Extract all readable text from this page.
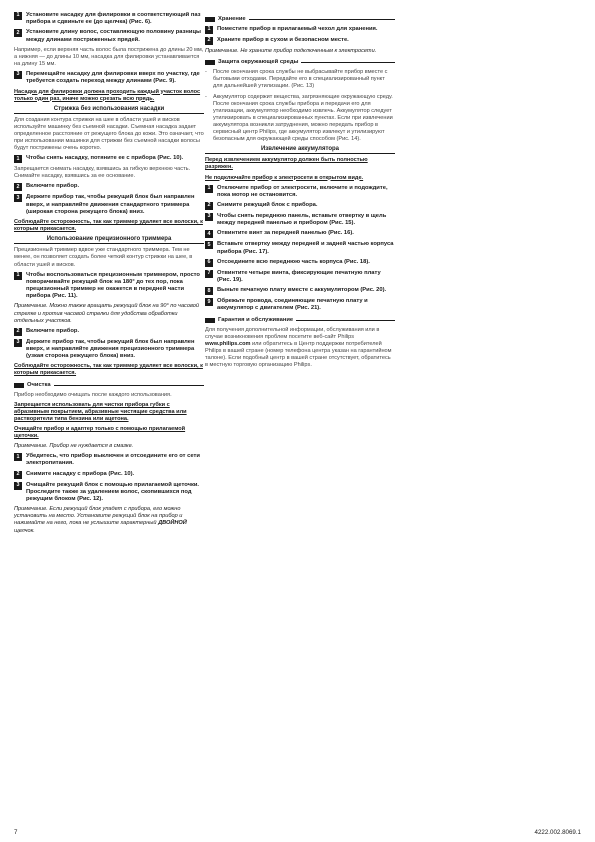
1	Установите насадку для филировки в соответствующий паз прибора и сдвиньте ее (до щелчка) (Рис. 6).
2	Установите длину волос, составляющую половину разницы между длинами постриженных прядей.

Например, если верхняя часть волос была пострижена до длины 20 мм, а нижняя — до длины 10 мм, насадка для филировки устанавливается на длину 15 мм.

3	Перемещайте насадку для филировки вверх по участку, где требуется создать переход между длинами (Рис. 9).

Насадка для филировки должна проходить каждый участок волос только один раз, иначе можно срезать всю прядь.

Стрижка без использования насадки

Для создания контура стрижки на шее в области ушей и висков используйте машинку без съемной насадки. Съемная насадка задает определенное расстояние от режущего блока до кожи. Это означает, что при использовании машинки для стрижки без съемной насадки волосы будут пострижены очень коротко.

1	Чтобы снять насадку, потяните ее с прибора (Рис. 10).

Запрещается снимать насадку, взявшись за гибкую верхнюю часть. Снимайте насадку, взявшись за ее основание.

2	Включите прибор.
3	Держите прибор так, чтобы режущий блок был направлен вверх, и направляйте движения стандартного триммера (широкая сторона режущего блока) вниз.

Соблюдайте осторожность, так как триммер удаляет все волоски, к которым прикасается.

Использование прецизионного триммера

Прецизионный триммер вдвое уже стандартного триммера. Тем не менее, он позволяет создать более четкий контур стрижки на шее, в области ушей и висков.

1	Чтобы воспользоваться прецизионным триммером, просто поворачивайте режущий блок на 180° до тех пор, пока прецизионный триммер не окажется в передней части прибора (Рис. 11).

Примечание. Можно также вращать режущий блок на 90° по часовой стрелке и против часовой стрелки для удобства обработки отдельных участков.

2	Включите прибор.
3	Держите прибор так, чтобы режущий блок был направлен вверх, и направляйте движения прецизионного триммера (узкая сторона режущего блока) вниз.

Соблюдайте осторожность, так как триммер удаляет все волоски, к которым прикасается.

Очистка

Прибор необходимо очищать после каждого использования.

Запрещается использовать для чистки прибора губки с абразивным покрытием, абразивные чистящие средства или растворители типа бензина или ацетона.

Очищайте прибор и адаптер только с помощью прилагаемой щеточки.

Примечание. Прибор не нуждается в смазке.

1	Убедитесь, что прибор выключен и отсоедините его от сети электропитания.
2	Снимите насадку с прибора (Рис. 10).
3	Очищайте режущий блок с помощью прилагаемой щеточки. Проследите также за удалением волос, скопившихся под режущим блоком (Рис. 12).

Примечание. Если режущий блок упадет с прибора, его можно установить на место. Установите режущий блок на прибор и нажимайте на него, пока не услышите характерный ДВОЙНОЙ щелчок.

Хранение
1	Поместите прибор в прилагаемый чехол для хранения.
2	Храните прибор в сухом и безопасном месте.

Примечание. Не храните прибор подключенным к электросети.

Защита окружающей среды
-	После окончания срока службы не выбрасывайте прибор вместе с бытовыми отходами. Передайте его в специализированный пункт для дальнейшей утилизации. (Рис. 13)
-	Аккумулятор содержит вещества, загрязняющие окружающую среду. После окончания срока службы прибора и передачи его для утилизации, аккумулятор необходимо извлечь. Аккумулятор следует утилизировать в специализированных пунктах. Если при извлечении аккумулятора возникли затруднения, можно передать прибор в сервисный центр Philips, где аккумулятор извлекут и утилизируют безопасным для окружающей среды способом (Рис. 14).
Извлечение аккумулятора

Перед извлечением аккумулятор должен быть полностью разряжен.

Не подключайте прибор к электросети в открытом виде.

1	Отключите прибор от электросети, включите и подождите, пока мотор не остановится.
2	Снимите режущий блок с прибора.
3	Чтобы снять переднюю панель, вставьте отвертку в щель между передней панелью и прибором (Рис. 15).
4	Отвинтите винт за передней панелью (Рис. 16).
5	Вставьте отвертку между передней и задней частью корпуса прибора (Рис. 17).
6	Отсоедините всю переднюю часть корпуса (Рис. 18).
7	Отвинтите четыре винта, фиксирующие печатную плату (Рис. 19).
8	Выньте печатную плату вместе с аккумулятором (Рис. 20).
9	Обрежьте провода, соединяющие печатную плату и аккумулятор с двигателем (Рис. 21).
Гарантия и обслуживание

Для получения дополнительной информации, обслуживания или в случае возникновения проблем посетите веб-сайт Philips www.philips.com или обратитесь в Центр поддержки потребителей Philips в вашей стране (номер телефона центра указан на гарантийном талоне). Если подобный центр в вашей стране отсутствует, обратитесь в местную торговую организацию Philips.

7	4222.002.8069.1
